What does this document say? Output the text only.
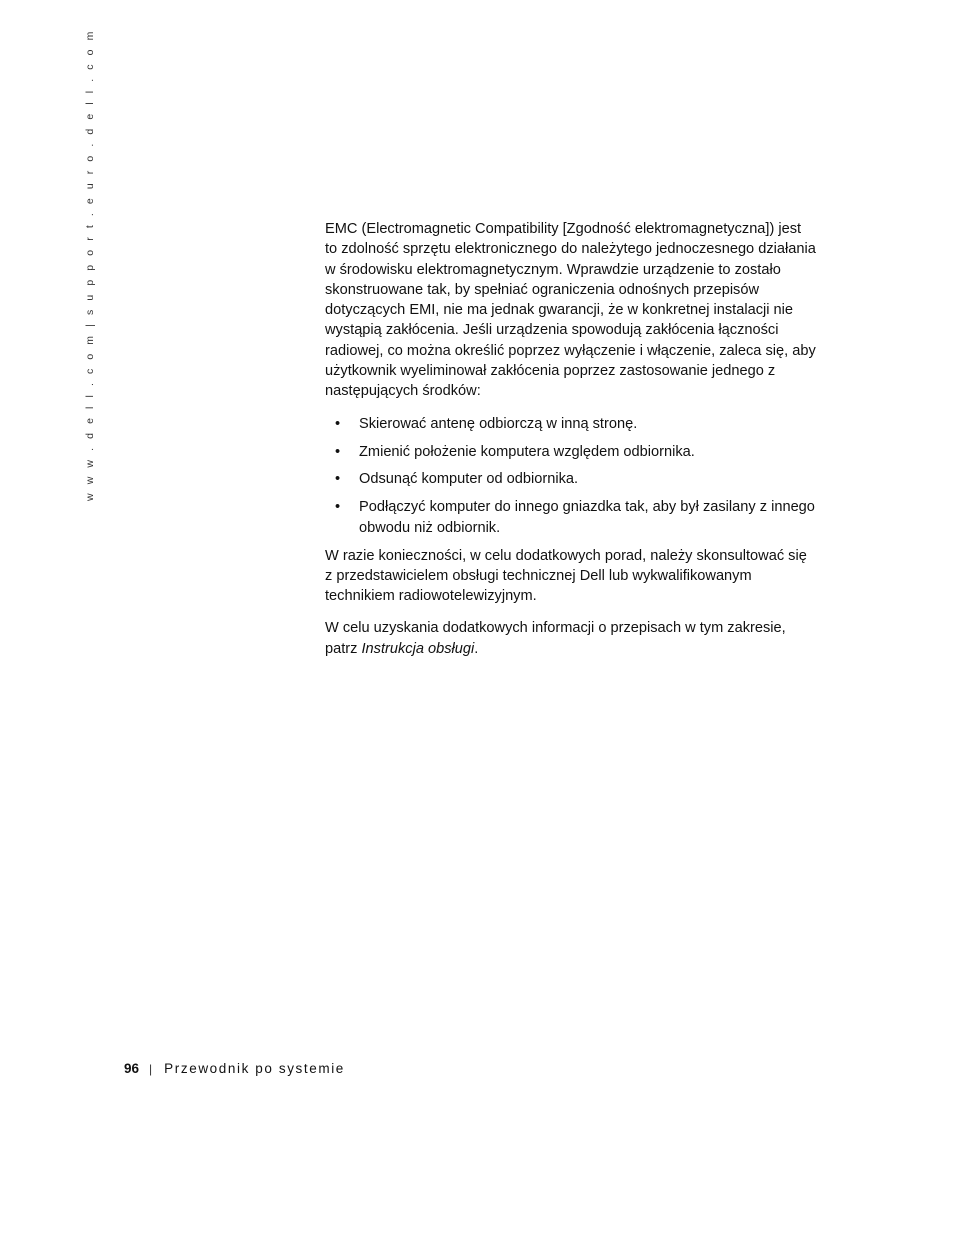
w w w . d e l l . c o m | s u p p o r t . e u r o . d e l l . c o m	EMC (Electromagnetic Compatibility [Zgodność elektromagnetyczna]) jest to zdolność sprzętu elektronicznego do należytego jednoczesnego działania w środowisku elektromagnetycznym. Wprawdzie urządzenie to zostało skonstruowane tak, by spełniać ograniczenia odnośnych przepisów dotyczących EMI, nie ma jednak gwarancji, że w konkretnej instalacji nie wystąpią zakłócenia. Jeśli urządzenia spowodują zakłócenia łączności radiowej, co można określić poprzez wyłączenie i włączenie, zaleca się, aby użytkownik wyeliminował zakłócenia poprzez zastosowanie jednego z następujących środków:

• Skierować antenę odbiorczą w inną stronę.
• Zmienić położenie komputera względem odbiornika.
• Odsunąć komputer od odbiornika.
• Podłączyć komputer do innego gniazdka tak, aby był zasilany z innego obwodu niż odbiornik.

W razie konieczności, w celu dodatkowych porad, należy skonsultować się z przedstawicielem obsługi technicznej Dell lub wykwalifikowanym technikiem radiowotelewizyjnym.

W celu uzyskania dodatkowych informacji o przepisach w tym zakresie, patrz Instrukcja obsługi.

96 | Przewodnik po systemie
